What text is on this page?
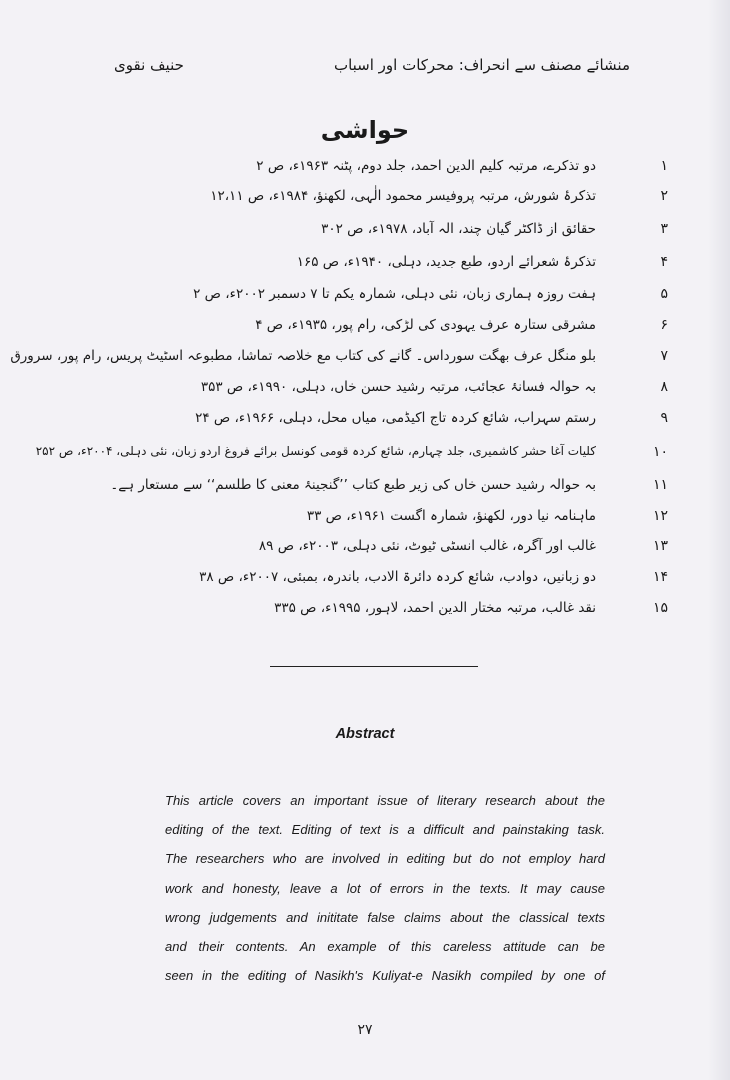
منشائے مصنف سے انحراف: محرکات اور اسباب
حنیف نقوی
حواشی
۱
دو تذکرے، مرتبہ کلیم الدین احمد، جلد دوم، پٹنہ ۱۹۶۳ء، ص ۲
۲
تذکرۂ شورش، مرتبہ پروفیسر محمود الٰہی، لکھنؤ، ۱۹۸۴ء، ص ۱۲،۱۱
۳
حقائق از ڈاکٹر گیان چند، الہ آباد، ۱۹۷۸ء، ص ۳۰۲
۴
تذکرۂ شعرائے اردو، طبع جدید، دہلی، ۱۹۴۰ء، ص ۱۶۵
۵
ہفت روزہ ہماری زبان، نئی دہلی، شمارہ یکم تا ۷ دسمبر ۲۰۰۲ء، ص ۲
۶
مشرقی ستارہ عرف یہودی کی لڑکی، رام پور، ۱۹۳۵ء، ص ۴
۷
بلو منگل عرف بھگت سورداس۔ گانے کی کتاب مع خلاصہ تماشا، مطبوعہ اسٹیٹ پریس، رام پور، سرورق
۸
بہ حوالہ فسانۂ عجائب، مرتبہ رشید حسن خاں، دہلی، ۱۹۹۰ء، ص ۳۵۳
۹
رستم سہراب، شائع کردہ تاج اکیڈمی، میاں محل، دہلی، ۱۹۶۶ء، ص ۲۴
۱۰
کلیات آغا حشر کاشمیری، جلد چہارم، شائع کردہ قومی کونسل برائے فروغ اردو زبان، نئی دہلی، ۲۰۰۴ء، ص ۲۵۲
۱۱
بہ حوالہ رشید حسن خاں کی زیر طبع کتاب ’’گنجینۂ معنی کا طلسم‘‘ سے مستعار ہے۔
۱۲
ماہنامہ نیا دور، لکھنؤ، شمارہ اگست ۱۹۶۱ء، ص ۳۳
۱۳
غالب اور آگرہ، غالب انسٹی ٹیوٹ، نئی دہلی، ۲۰۰۳ء، ص ۸۹
۱۴
دو زبانیں، دوادب، شائع کردہ دائرۃ الادب، باندرہ، بمبئی، ۲۰۰۷ء، ص ۳۸
۱۵
نقد غالب، مرتبہ مختار الدین احمد، لاہور، ۱۹۹۵ء، ص ۳۳۵
Abstract

This article covers an important issue of literary research about the

editing of the text. Editing of text is a difficult and painstaking task.

The researchers who are involved in editing but do not employ hard

work and honesty, leave a lot of errors in the texts. It may cause

wrong judgements and inititate false claims about the classical texts

and their contents. An example of this careless attitude can be

seen in the editing of Nasikh's Kuliyat-e Nasikh compiled by one of

۲۷
